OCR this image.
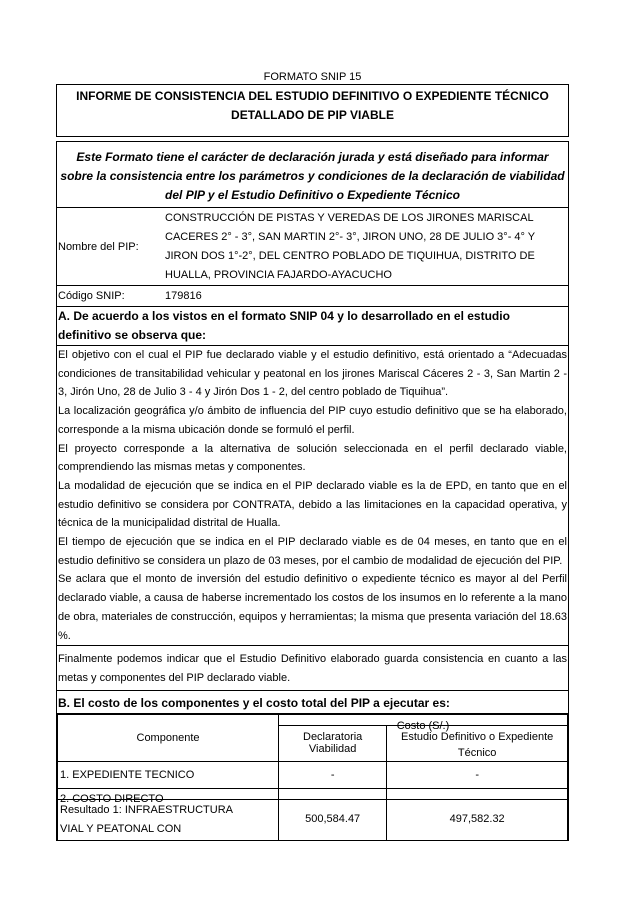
FORMATO SNIP 15
INFORME DE CONSISTENCIA DEL ESTUDIO DEFINITIVO O EXPEDIENTE TÉCNICO
DETALLADO DE PIP VIABLE
Este Formato tiene el carácter de declaración jurada y está diseñado para informar
sobre la consistencia entre los parámetros y condiciones de la declaración de viabilidad
del PIP y el Estudio Definitivo o Expediente Técnico
Nombre del PIP:
CONSTRUCCIÓN DE PISTAS Y VEREDAS DE LOS JIRONES MARISCAL
CACERES 2° - 3°, SAN MARTIN 2°- 3°, JIRON UNO, 28 DE JULIO 3°- 4° Y
JIRON DOS 1°-2°, DEL CENTRO POBLADO DE TIQUIHUA, DISTRITO DE
HUALLA, PROVINCIA FAJARDO-AYACUCHO
Código SNIP:	179816
A. De acuerdo a los vistos en el formato SNIP 04 y lo desarrollado en el estudio
definitivo se observa que:
El objetivo con el cual el PIP fue declarado viable y el estudio definitivo, está orientado a “Adecuadas condiciones de transitabilidad vehicular y peatonal en los jirones Mariscal Cáceres 2 - 3, San Martin 2 - 3, Jirón Uno, 28 de Julio 3 - 4 y Jirón Dos 1 - 2, del centro poblado de Tiquihua”.
La localización geográfica y/o ámbito de influencia del PIP cuyo estudio definitivo que se ha elaborado, corresponde a la misma ubicación donde se formuló el perfil.
El proyecto corresponde a la alternativa de solución seleccionada en el perfil declarado viable, comprendiendo las mismas metas y componentes.
La modalidad de ejecución que se indica en el PIP declarado viable es la de EPD, en tanto que en el estudio definitivo se considera por CONTRATA, debido a las limitaciones en la capacidad operativa, y técnica de la municipalidad distrital de Hualla.
El tiempo de ejecución que se indica en el PIP declarado viable es de 04 meses, en tanto que en el estudio definitivo se considera un plazo de 03 meses, por el cambio de modalidad de ejecución del PIP.
Se aclara que el monto de inversión del estudio definitivo o expediente técnico es mayor al del Perfil declarado viable, a causa de haberse incrementado los costos de los insumos en lo referente a la mano de obra, materiales de construcción, equipos y herramientas; la misma que presenta variación del 18.63 %.
Finalmente podemos indicar que el Estudio Definitivo elaborado guarda consistencia en cuanto a las metas y componentes del PIP declarado viable.
B. El costo de los componentes y el costo total del PIP a ejecutar es:
Componente	Costo (S/.)	

	Declaratoria Viabilidad	Estudio Definitivo o Expediente Técnico
1. EXPEDIENTE TECNICO	-	-

2. COSTO DIRECTO		

Resultado 1: INFRAESTRUCTURA
VIAL Y PEATONAL CON	500,584.47	497,582.32
